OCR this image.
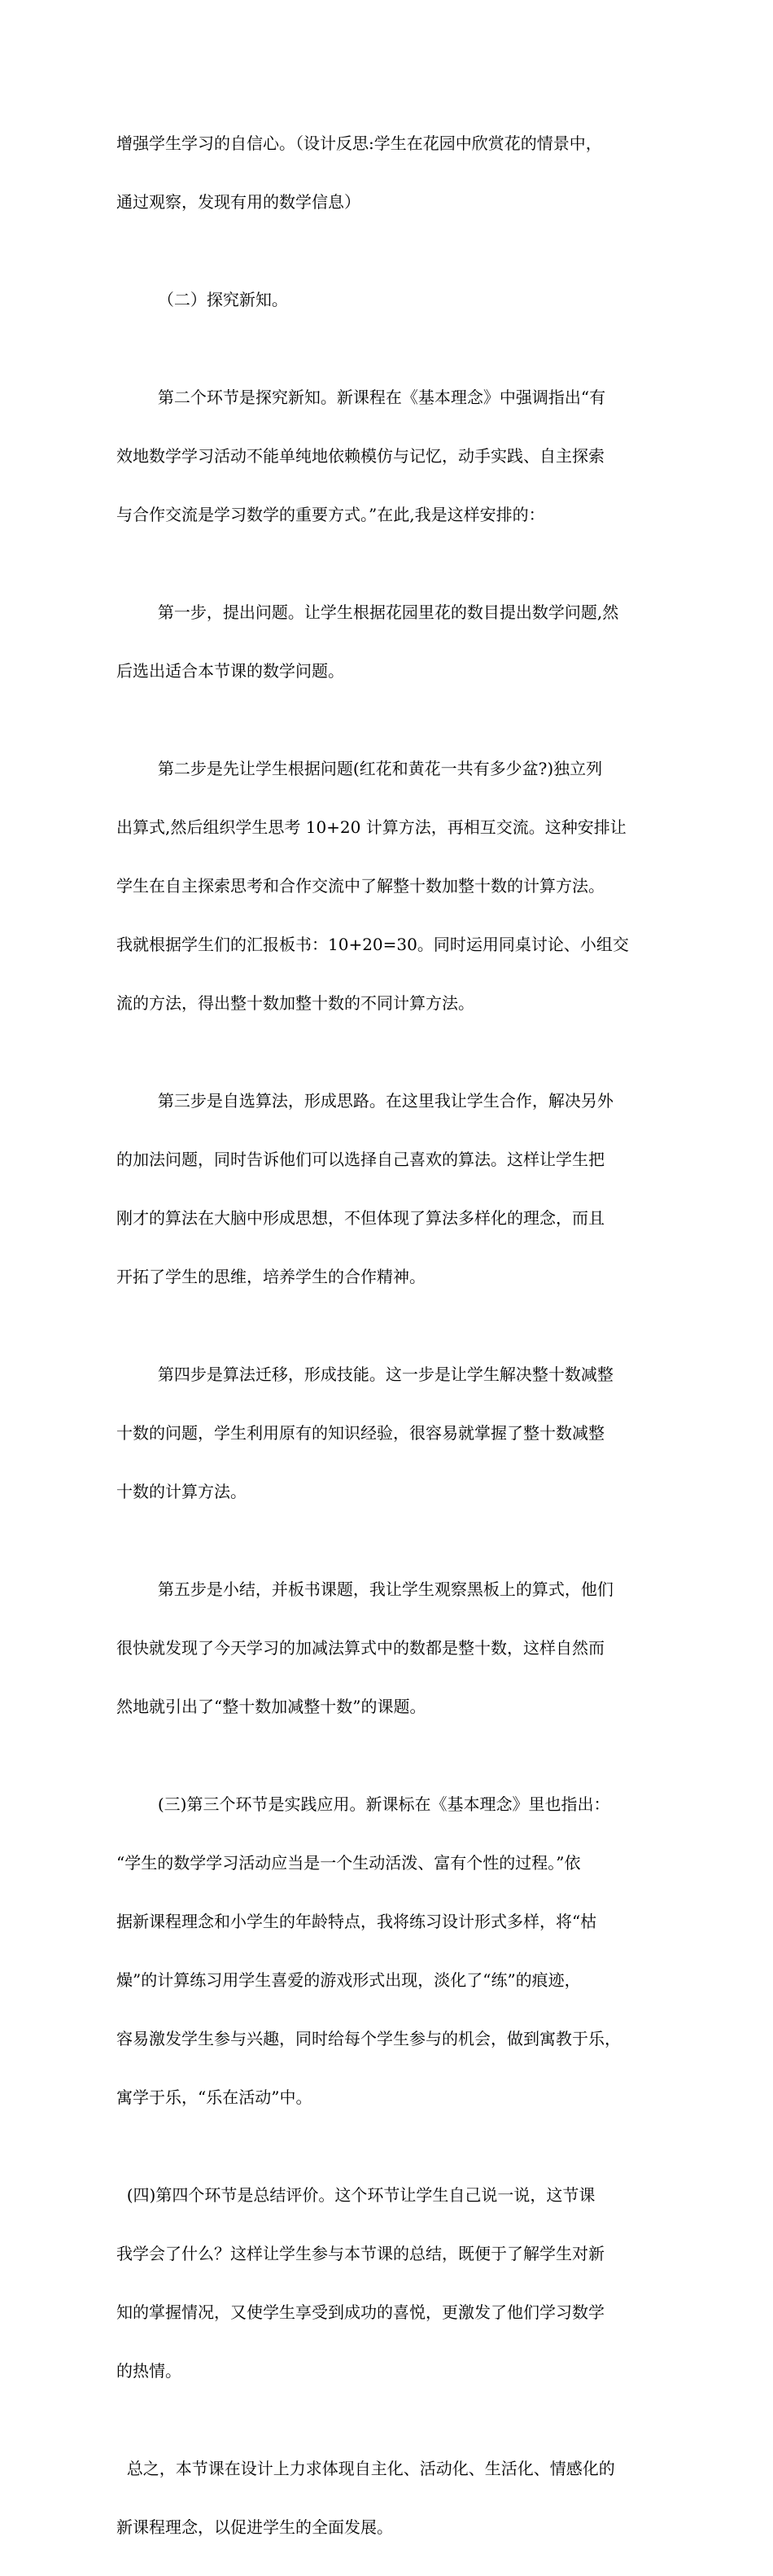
增强学生学习的自信心。（设计反思:学生在花园中欣赏花的情景中，

通过观察，发现有用的数学信息）

（二）探究新知。

第二个环节是探究新知。新课程在《基本理念》中强调指出“有

效地数学学习活动不能单纯地依赖模仿与记忆，动手实践、自主探索

与合作交流是学习数学的重要方式。”在此,我是这样安排的：

第一步，提出问题。让学生根据花园里花的数目提出数学问题,然

后选出适合本节课的数学问题。

第二步是先让学生根据问题(红花和黄花一共有多少盆?)独立列

出算式,然后组织学生思考 10+20 计算方法，再相互交流。这种安排让

学生在自主探索思考和合作交流中了解整十数加整十数的计算方法。

我就根据学生们的汇报板书：10+20=30。同时运用同桌讨论、小组交

流的方法，得出整十数加整十数的不同计算方法。

第三步是自选算法，形成思路。在这里我让学生合作，解决另外

的加法问题，同时告诉他们可以选择自己喜欢的算法。这样让学生把

刚才的算法在大脑中形成思想，不但体现了算法多样化的理念，而且

开拓了学生的思维，培养学生的合作精神。

第四步是算法迁移，形成技能。这一步是让学生解决整十数减整

十数的问题，学生利用原有的知识经验，很容易就掌握了整十数减整

十数的计算方法。

第五步是小结，并板书课题，我让学生观察黑板上的算式，他们

很快就发现了今天学习的加减法算式中的数都是整十数，这样自然而

然地就引出了“整十数加减整十数”的课题。

(三)第三个环节是实践应用。新课标在《基本理念》里也指出：

“学生的数学学习活动应当是一个生动活泼、富有个性的过程。”依

据新课程理念和小学生的年龄特点，我将练习设计形式多样，将“枯

燥”的计算练习用学生喜爱的游戏形式出现，淡化了“练”的痕迹，

容易激发学生参与兴趣，同时给每个学生参与的机会，做到寓教于乐，

寓学于乐，“乐在活动”中。

(四)第四个环节是总结评价。这个环节让学生自己说一说，这节课

我学会了什么？这样让学生参与本节课的总结，既便于了解学生对新

知的掌握情况，又使学生享受到成功的喜悦，更激发了他们学习数学

的热情。

总之，本节课在设计上力求体现自主化、活动化、生活化、情感化的

新课程理念，以促进学生的全面发展。
